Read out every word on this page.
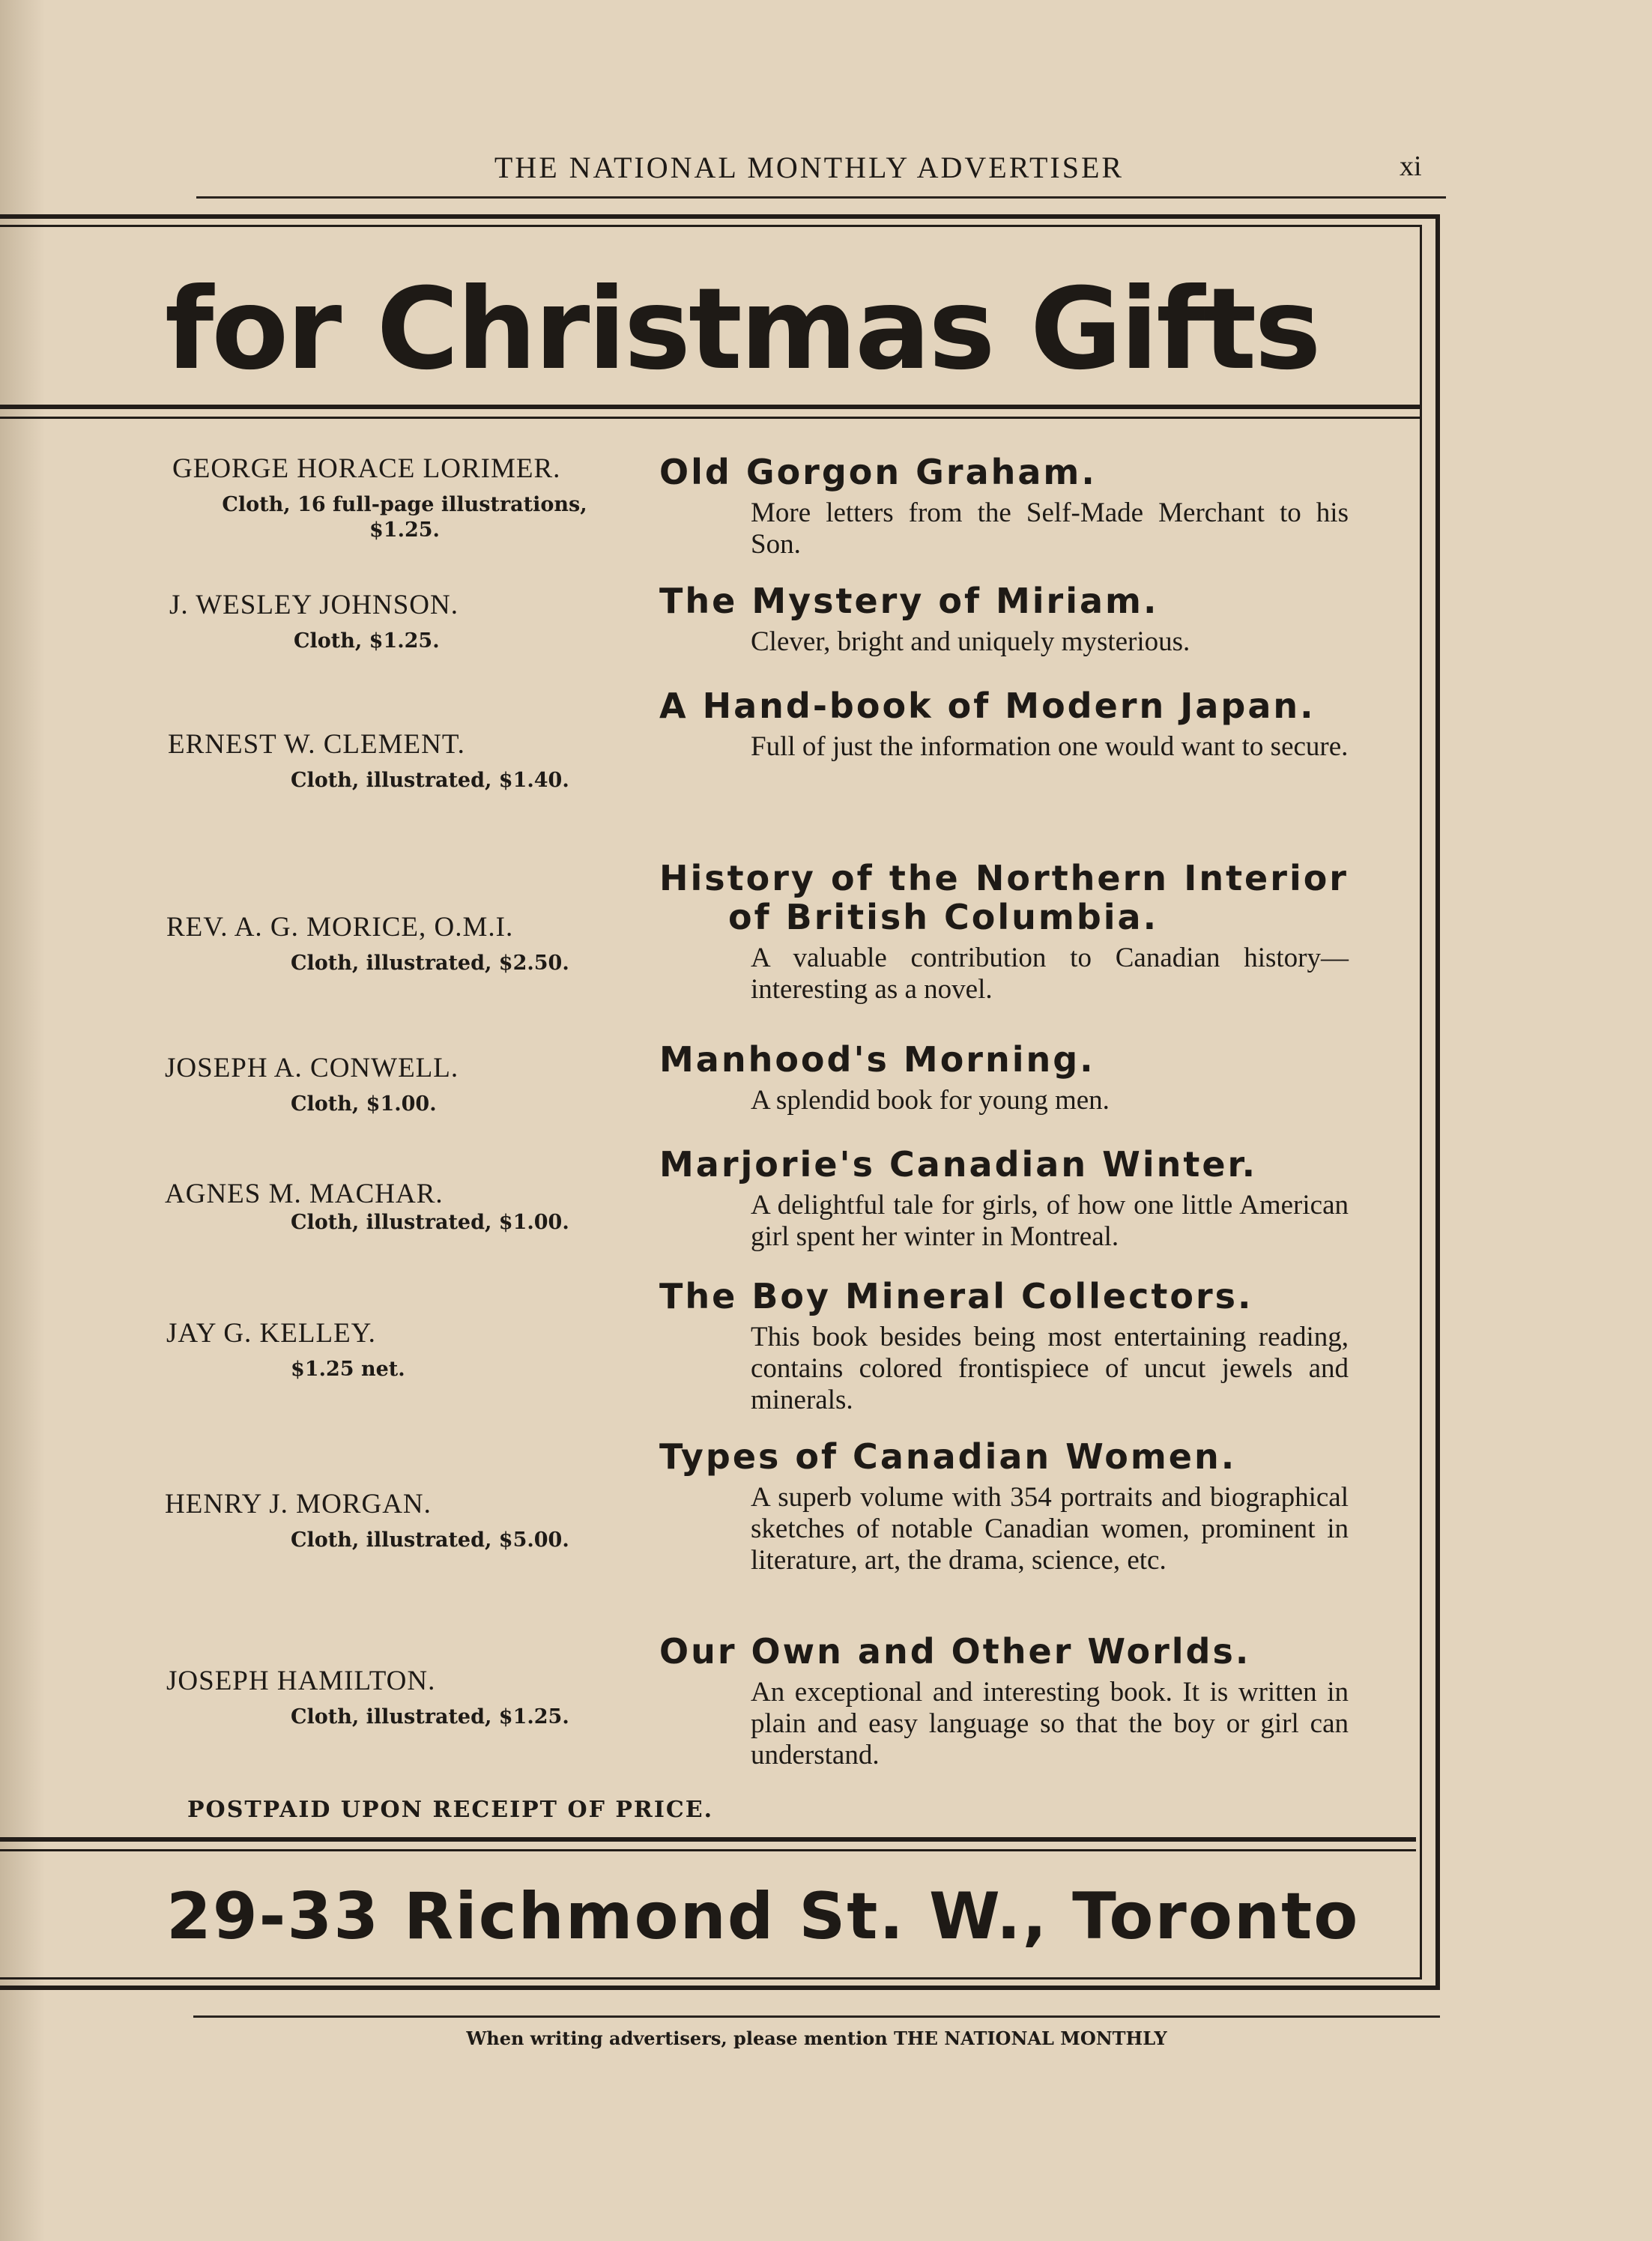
THE NATIONAL MONTHLY ADVERTISER	xi
for Christmas Gifts
GEORGE HORACE LORIMER.
Cloth, 16 full-page illustrations, $1.25.
Old Gorgon Graham.
More letters from the Self-Made Merchant to his Son.
J. WESLEY JOHNSON.
Cloth, $1.25.
The Mystery of Miriam.
Clever, bright and uniquely mysterious.
ERNEST W. CLEMENT.
Cloth, illustrated, $1.40.
A Hand-book of Modern Japan.
Full of just the information one would want to secure.
REV. A. G. MORICE, O.M.I.
Cloth, illustrated, $2.50.
History of the Northern Interior of British Columbia.
A valuable contribution to Canadian history—interesting as a novel.
JOSEPH A. CONWELL.
Cloth, $1.00.
Manhood's Morning.
A splendid book for young men.
AGNES M. MACHAR.
Cloth, illustrated, $1.00.
Marjorie's Canadian Winter.
A delightful tale for girls, of how one little American girl spent her winter in Montreal.
JAY G. KELLEY.
$1.25 net.
The Boy Mineral Collectors.
This book besides being most entertaining reading, contains colored frontispiece of uncut jewels and minerals.
HENRY J. MORGAN.
Cloth, illustrated, $5.00.
Types of Canadian Women.
A superb volume with 354 portraits and biographical sketches of notable Canadian women, prominent in literature, art, the drama, science, etc.
JOSEPH HAMILTON.
Cloth, illustrated, $1.25.
Our Own and Other Worlds.
An exceptional and interesting book. It is written in plain and easy language so that the boy or girl can understand.
POSTPAID UPON RECEIPT OF PRICE.
29-33 Richmond St. W., Toronto
When writing advertisers, please mention THE NATIONAL MONTHLY
